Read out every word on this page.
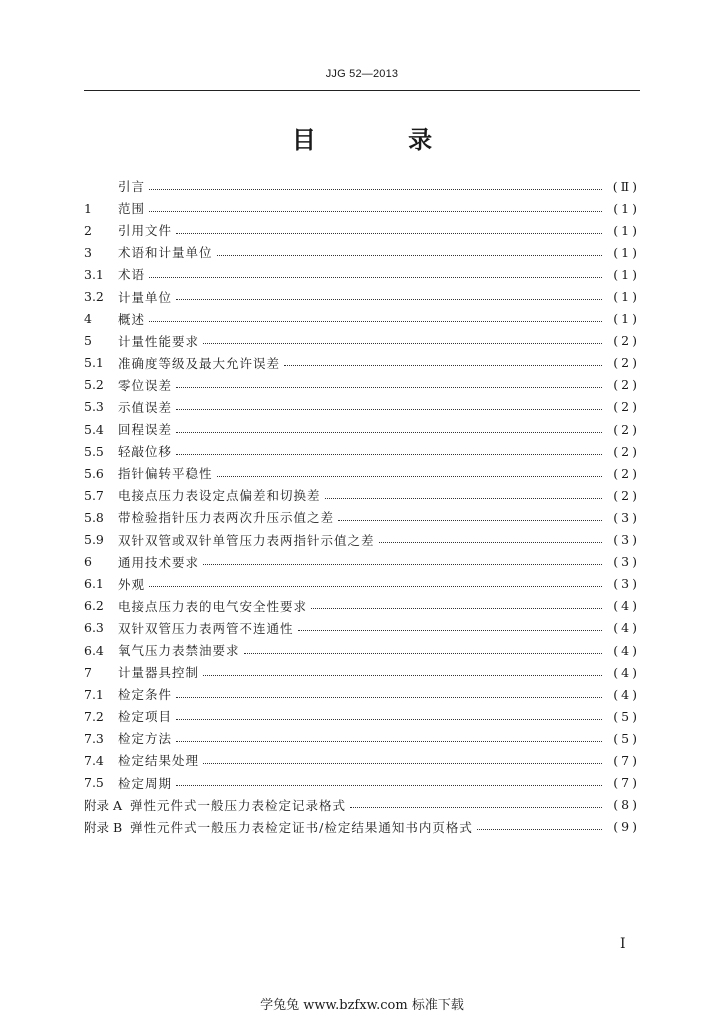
JJG 52—2013
目 录
引言	(Ⅱ)
1	范围	(1)
2	引用文件	(1)
3	术语和计量单位	(1)
3.1	术语	(1)
3.2	计量单位	(1)
4	概述	(1)
5	计量性能要求	(2)
5.1	准确度等级及最大允许误差	(2)
5.2	零位误差	(2)
5.3	示值误差	(2)
5.4	回程误差	(2)
5.5	轻敲位移	(2)
5.6	指针偏转平稳性	(2)
5.7	电接点压力表设定点偏差和切换差	(2)
5.8	带检验指针压力表两次升压示值之差	(3)
5.9	双针双管或双针单管压力表两指针示值之差	(3)
6	通用技术要求	(3)
6.1	外观	(3)
6.2	电接点压力表的电气安全性要求	(4)
6.3	双针双管压力表两管不连通性	(4)
6.4	氧气压力表禁油要求	(4)
7	计量器具控制	(4)
7.1	检定条件	(4)
7.2	检定项目	(5)
7.3	检定方法	(5)
7.4	检定结果处理	(7)
7.5	检定周期	(7)
附录 A 弹性元件式一般压力表检定记录格式	(8)
附录 B 弹性元件式一般压力表检定证书/检定结果通知书内页格式	(9)
I
学兔兔 www.bzfxw.com 标准下载
